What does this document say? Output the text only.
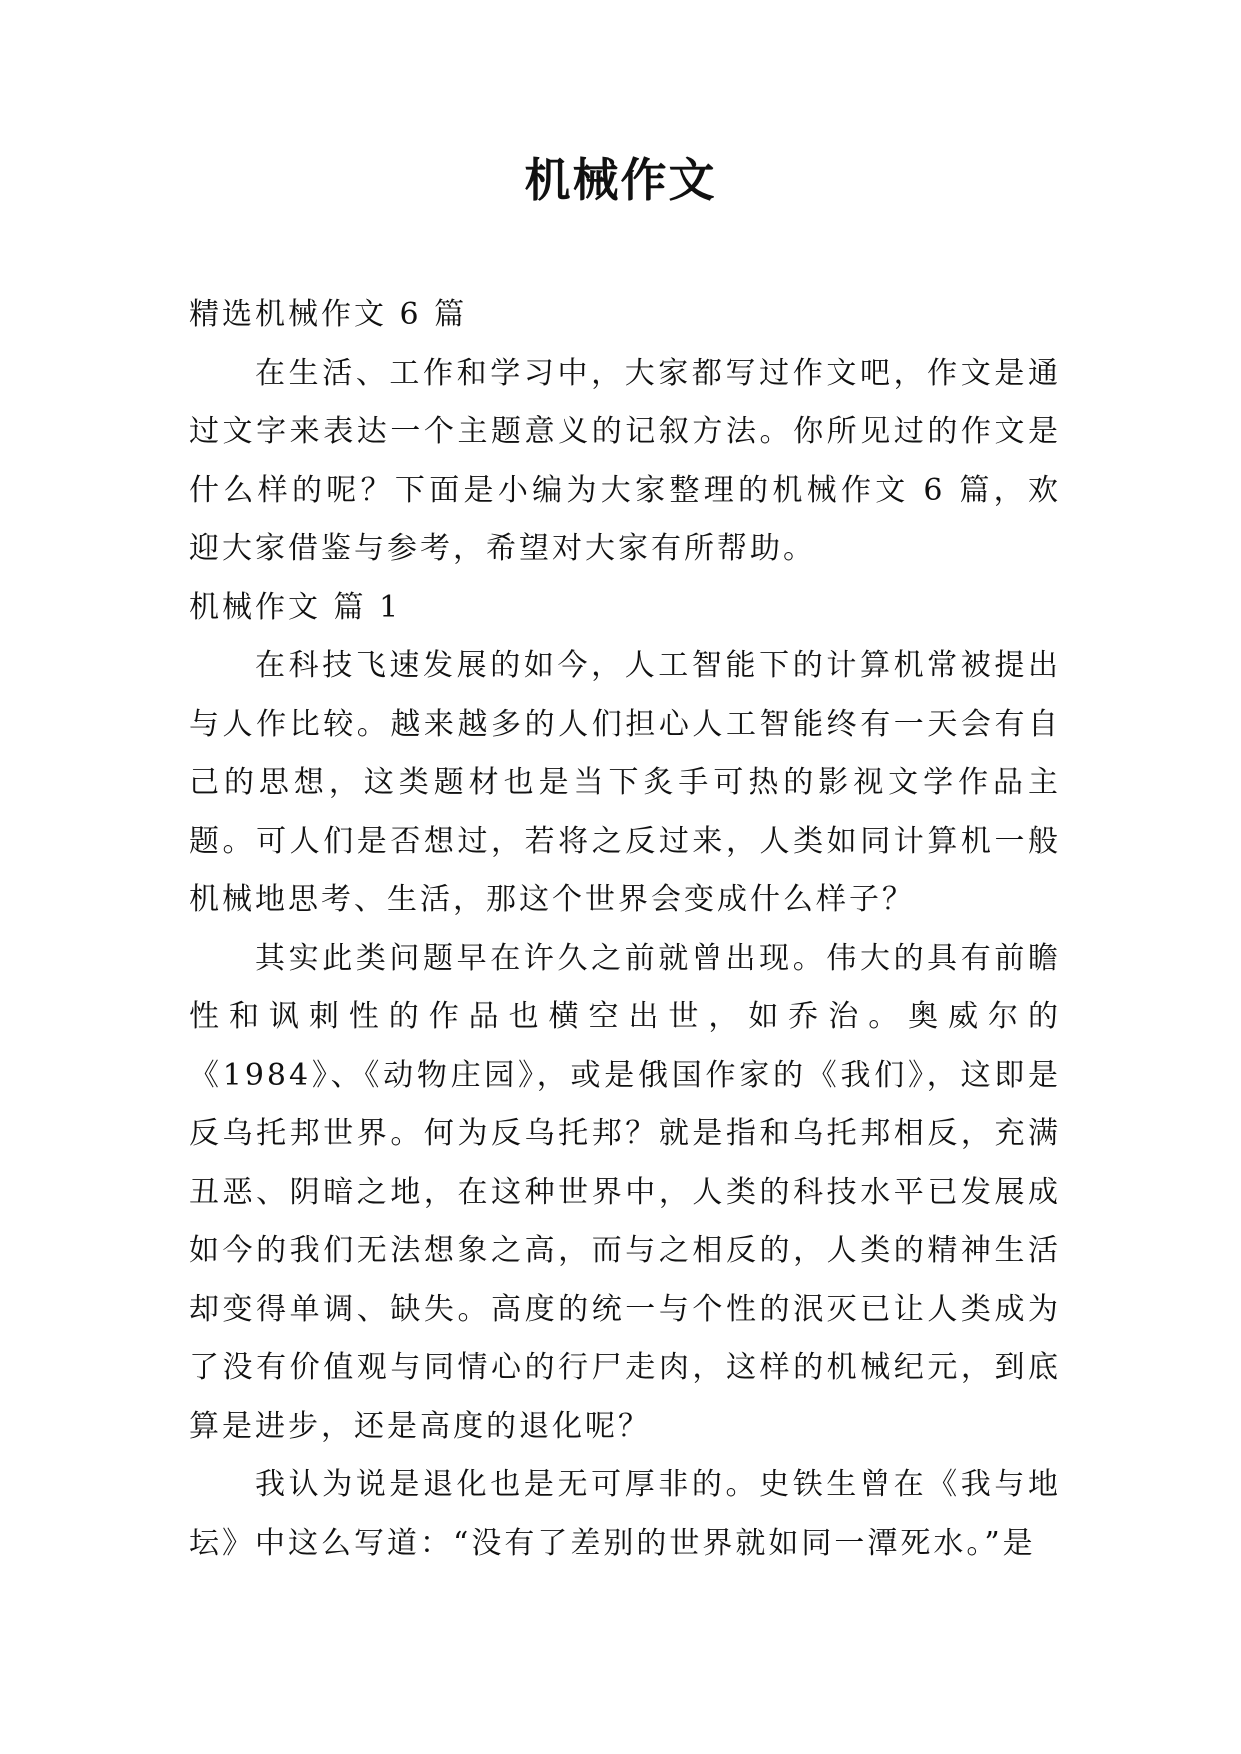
机械作文

精选机械作文 6 篇

在生活、工作和学习中，大家都写过作文吧，作文是通过文字来表达一个主题意义的记叙方法。你所见过的作文是什么样的呢？下面是小编为大家整理的机械作文 6 篇，欢迎大家借鉴与参考，希望对大家有所帮助。

机械作文 篇 1

在科技飞速发展的如今，人工智能下的计算机常被提出与人作比较。越来越多的人们担心人工智能终有一天会有自己的思想，这类题材也是当下炙手可热的影视文学作品主题。可人们是否想过，若将之反过来，人类如同计算机一般机械地思考、生活，那这个世界会变成什么样子？

其实此类问题早在许久之前就曾出现。伟大的具有前瞻性和讽刺性的作品也横空出世，如乔治。奥威尔的《1984》、《动物庄园》，或是俄国作家的《我们》，这即是反乌托邦世界。何为反乌托邦？就是指和乌托邦相反，充满丑恶、阴暗之地，在这种世界中，人类的科技水平已发展成如今的我们无法想象之高，而与之相反的，人类的精神生活却变得单调、缺失。高度的统一与个性的泯灭已让人类成为了没有价值观与同情心的行尸走肉，这样的机械纪元，到底算是进步，还是高度的退化呢？

我认为说是退化也是无可厚非的。史铁生曾在《我与地坛》中这么写道：“没有了差别的世界就如同一潭死水。”是
